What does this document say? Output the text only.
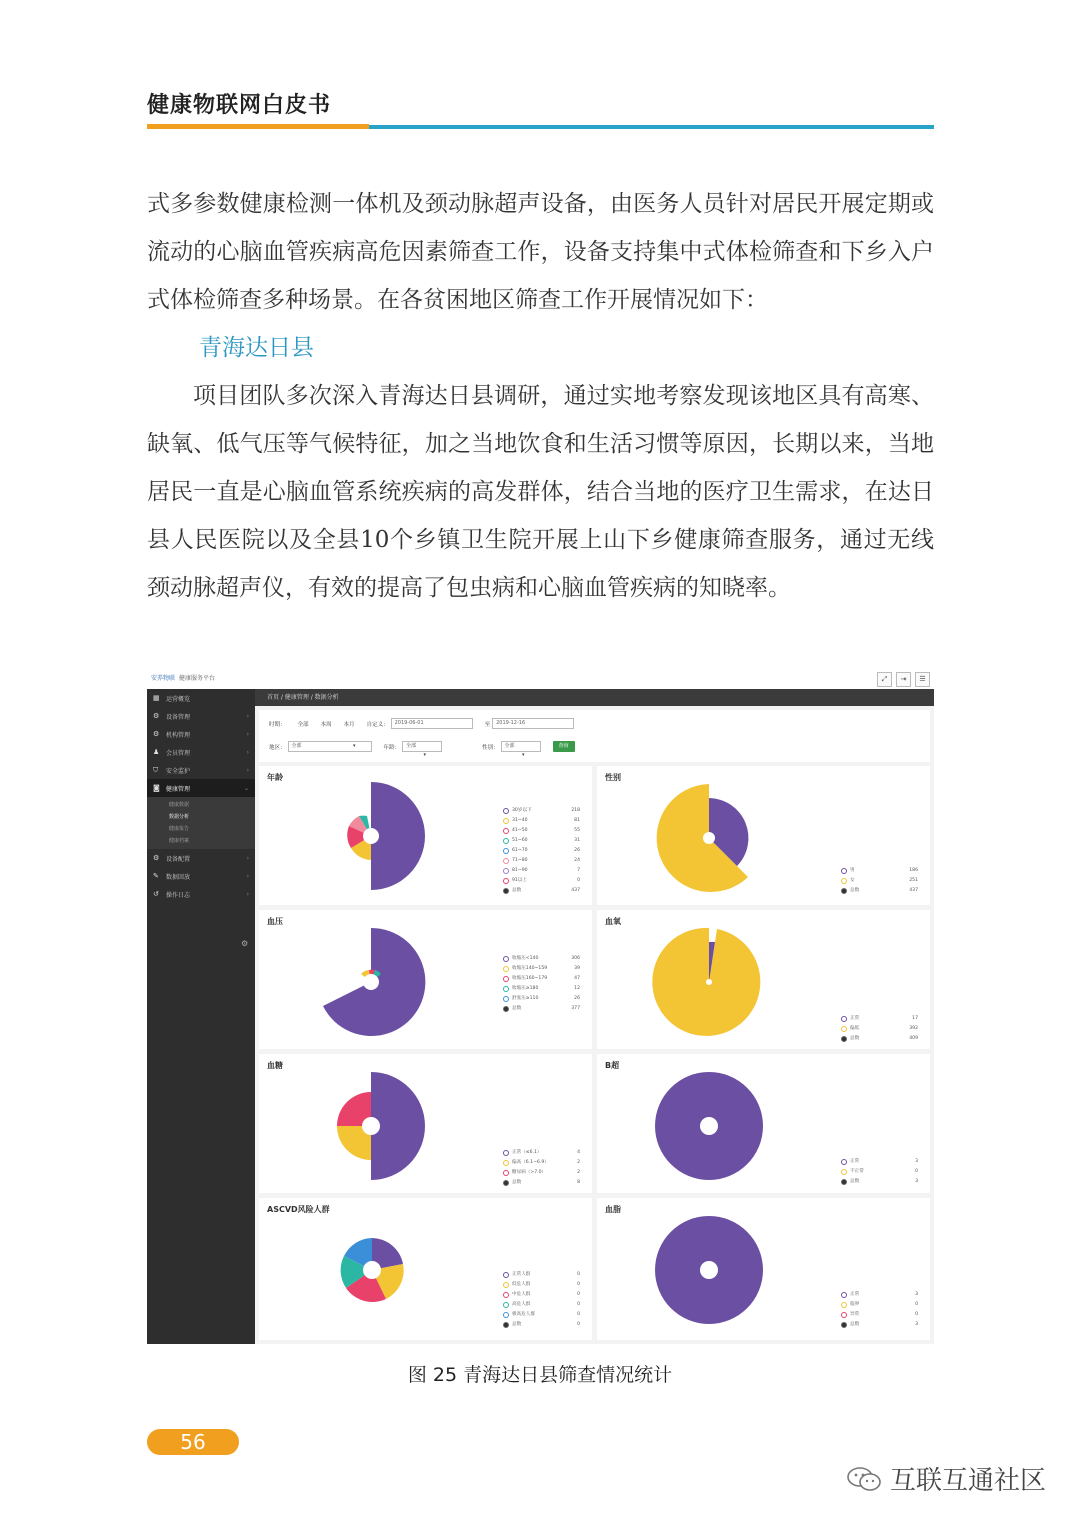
健康物联网白皮书

式多参数健康检测一体机及颈动脉超声设备，由医务人员针对居民开展定期或流动的心脑血管疾病高危因素筛查工作，设备支持集中式体检筛查和下乡入户式体检筛查多种场景。在各贫困地区筛查工作开展情况如下：

青海达日县

项目团队多次深入青海达日县调研，通过实地考察发现该地区具有高寒、缺氧、低气压等气候特征，加之当地饮食和生活习惯等原因，长期以来，当地居民一直是心脑血管系统疾病的高发群体，结合当地的医疗卫生需求，在达日县人民医院以及全县10个乡镇卫生院开展上山下乡健康筛查服务，通过无线颈动脉超声仪，有效的提高了包虫病和心脑血管疾病的知晓率。

安养物联 健康服务平台	⤢	⇥	☰
▦ 运营概览
⚙ 设备管理	›
⚙ 机构管理	›
♟ 会员管理	›
⛉ 安全监护	›
◙ 健康管理	⌄
健康数据
数据分析
健康报告
健康档案
⚙ 设备配置	›
✎ 数据回放	›
↺ 操作日志	›
⚙
首页 / 健康管理 / 数据分析
时期： 全部 本周 本月 自定义：	2019-06-01	至	2019-12-16
地区：	全部	▾	年龄：	全部
▾
性别：	全部
▾
查询
年龄
30岁以下	218
31~40	81
41~50	55
51~60	31
61~70	26
71~80	24
81~90	7
91以上	0
总数	437
性别
男	186
女	251
总数	437
血压
收缩压<140	306
收缩压140~159	39
收缩压160~179	47
收缩压≥180	12
舒张压≥110	26
总数	377
血氧
正常	17
偏低	392
总数	409
血糖
正常（≤6.1）	4
偏高（6.1~6.9）	2
糖尿病（>7.0）	2
总数	8
B超
正常	3
不正常	0
总数	3
ASCVD风险人群
正常人群	0
低危人群	0
中危人群	0
高危人群	0
极高危人群	0
总数	0
血脂
正常	3
临界	0
异常	0
总数	3
图 25 青海达日县筛查情况统计
56
互联互通社区
